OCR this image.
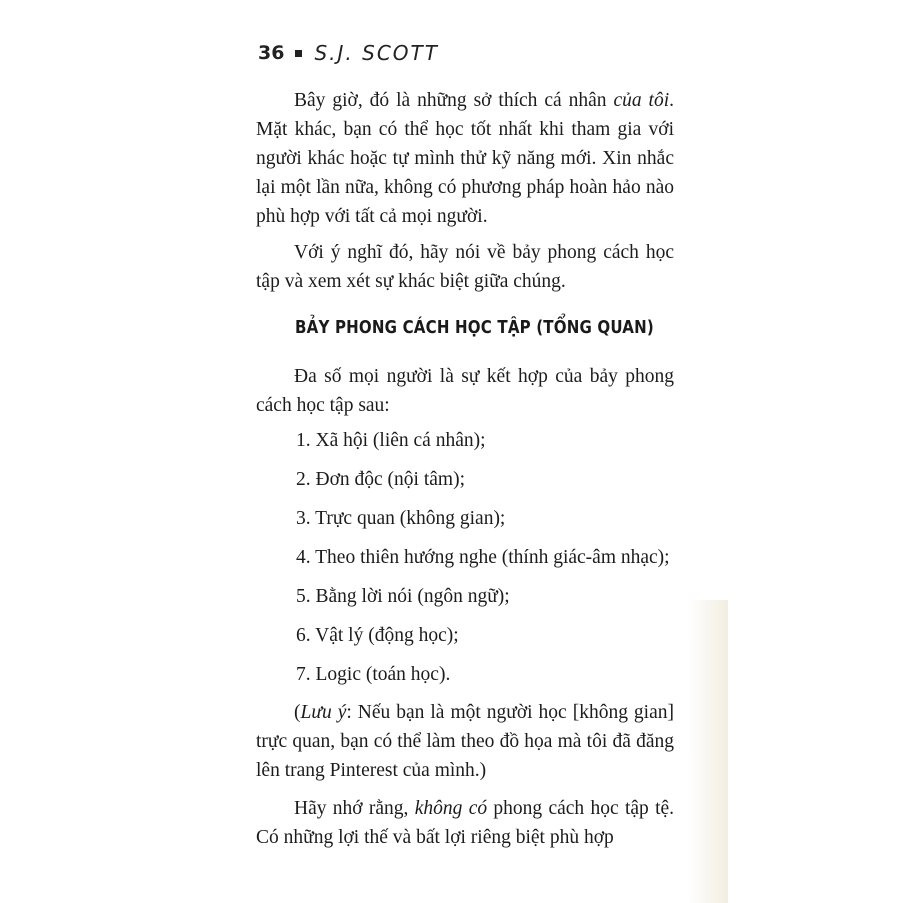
36 S.J. SCOTT

Bây giờ, đó là những sở thích cá nhân của tôi. Mặt khác, bạn có thể học tốt nhất khi tham gia với người khác hoặc tự mình thử kỹ năng mới. Xin nhắc lại một lần nữa, không có phương pháp hoàn hảo nào phù hợp với tất cả mọi người.

Với ý nghĩ đó, hãy nói về bảy phong cách học tập và xem xét sự khác biệt giữa chúng.

BẢY PHONG CÁCH HỌC TẬP (TỔNG QUAN)

Đa số mọi người là sự kết hợp của bảy phong cách học tập sau:

1. Xã hội (liên cá nhân);
2. Đơn độc (nội tâm);
3. Trực quan (không gian);
4. Theo thiên hướng nghe (thính giác-âm nhạc);
5. Bằng lời nói (ngôn ngữ);
6. Vật lý (động học);
7. Logic (toán học).

(Lưu ý: Nếu bạn là một người học [không gian] trực quan, bạn có thể làm theo đồ họa mà tôi đã đăng lên trang Pinterest của mình.)

Hãy nhớ rằng, không có phong cách học tập tệ. Có những lợi thế và bất lợi riêng biệt phù hợp
